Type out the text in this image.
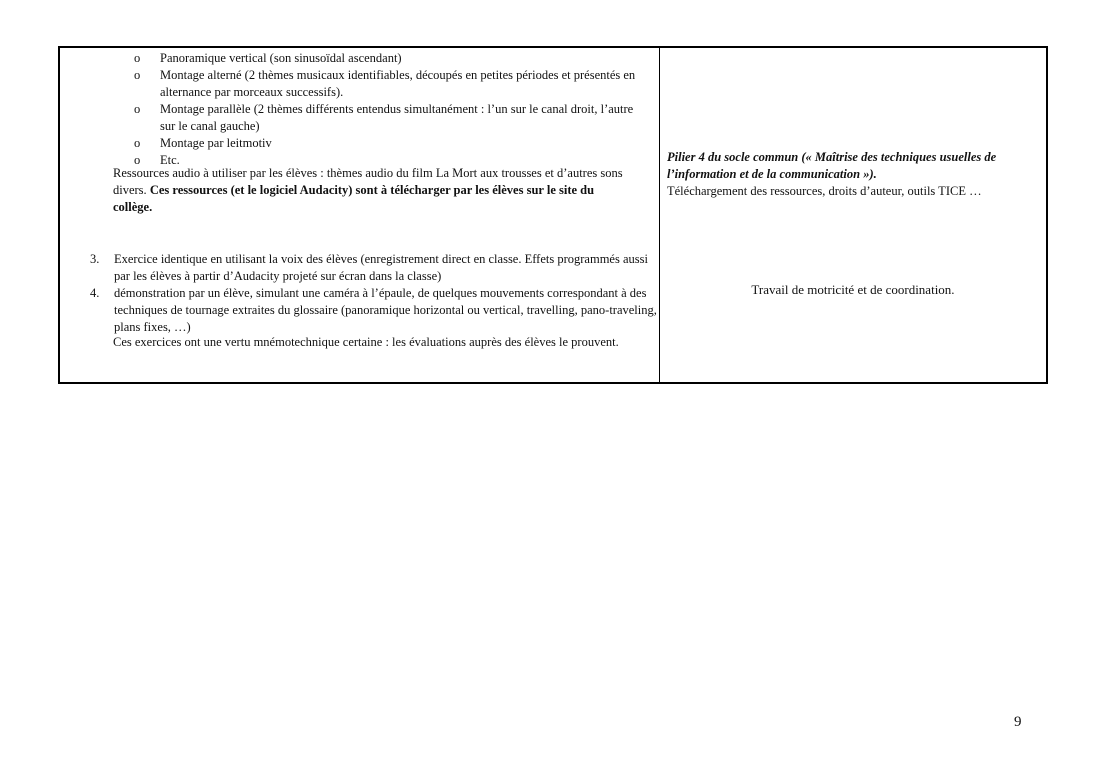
o	Panoramique vertical (son sinusoïdal ascendant)
o	Montage alterné (2 thèmes musicaux identifiables, découpés en petites périodes et présentés en alternance par morceaux successifs).
o	Montage parallèle (2 thèmes différents entendus simultanément : l’un sur le canal droit, l’autre sur le canal gauche)
o	Montage par leitmotiv
o	Etc.
Ressources audio à utiliser par les élèves : thèmes audio du film La Mort aux trousses et d’autres sons divers. Ces ressources (et le logiciel Audacity) sont à télécharger par les élèves sur le site du collège.
3.	Exercice identique en utilisant la voix des élèves (enregistrement direct en classe. Effets programmés aussi par les élèves à partir d’Audacity projeté sur écran dans la classe)
4.	démonstration par un élève, simulant une caméra à l’épaule, de quelques mouvements correspondant à des techniques de tournage extraites du glossaire (panoramique horizontal ou vertical, travelling, pano-traveling, plans fixes, …)
Ces exercices ont une vertu mnémotechnique certaine : les évaluations auprès des élèves le prouvent.
Pilier 4 du socle commun (« Maîtrise des techniques usuelles de l’information et de la communication »).
Téléchargement des ressources, droits d’auteur, outils TICE …
Travail de motricité et de coordination.
9
